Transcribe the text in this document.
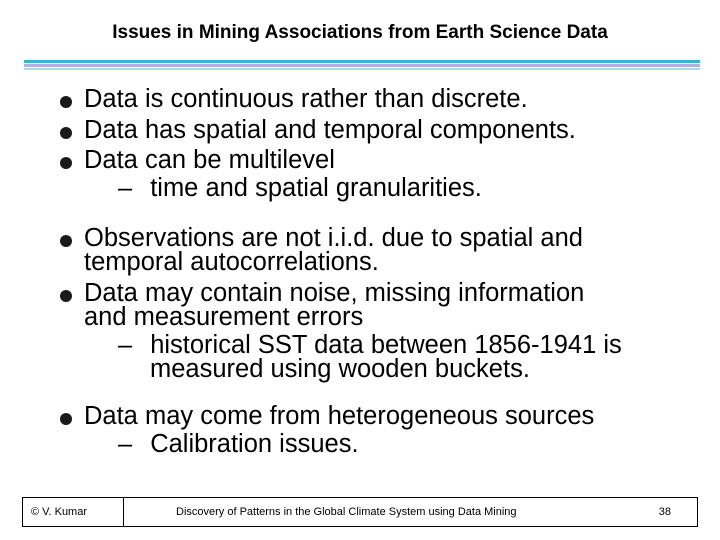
Issues in Mining Associations from Earth Science Data
Data is continuous rather than discrete.
Data has spatial and temporal components.
Data can be multilevel
– time and spatial granularities.
Observations are not i.i.d. due to spatial and
temporal autocorrelations.
Data may contain noise, missing information
and measurement errors
– historical SST data between 1856-1941 is
measured using wooden buckets.
Data may come from heterogeneous sources
– Calibration issues.
© V. Kumar	Discovery of Patterns in the Global Climate System using Data Mining	38
